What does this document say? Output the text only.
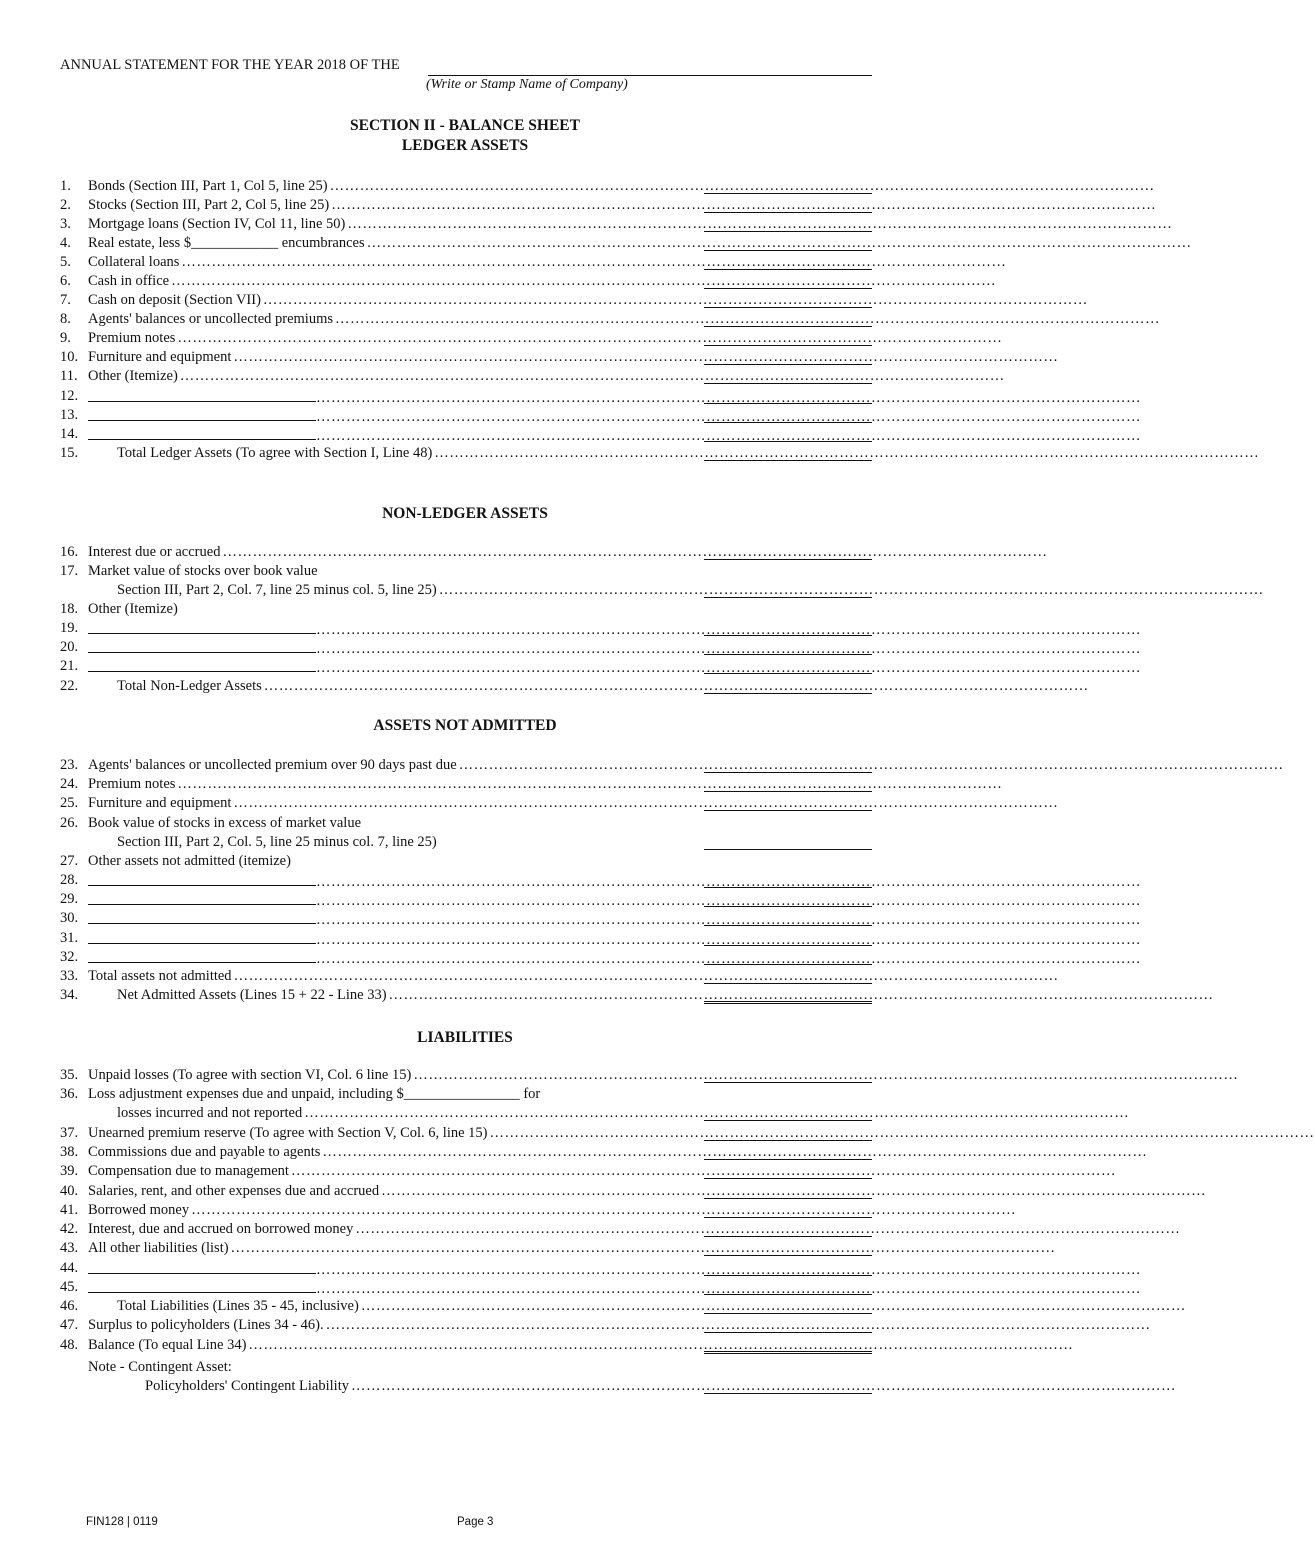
ANNUAL STATEMENT FOR THE YEAR 2018 OF THE
(Write or Stamp Name of Company)
SECTION II - BALANCE SHEET
LEDGER ASSETS
NON-LEDGER ASSETS
ASSETS NOT ADMITTED
LIABILITIES
1.	Bonds (Section III, Part 1, Col 5, line 25) …………………………………………………………………………………………………………………………………………………
2.	Stocks (Section III, Part 2, Col 5, line 25) …………………………………………………………………………………………………………………………………………………
3.	Mortgage loans (Section IV, Col 11, line 50) …………………………………………………………………………………………………………………………………………………
4.	Real estate, less $____________ encumbrances …………………………………………………………………………………………………………………………………………………
5.	Collateral loans …………………………………………………………………………………………………………………………………………………
6.	Cash in office …………………………………………………………………………………………………………………………………………………
7.	Cash on deposit (Section VII) …………………………………………………………………………………………………………………………………………………
8.	Agents' balances or uncollected premiums …………………………………………………………………………………………………………………………………………………
9.	Premium notes …………………………………………………………………………………………………………………………………………………
10. Furniture and equipment …………………………………………………………………………………………………………………………………………………
11. Other (Itemize) …………………………………………………………………………………………………………………………………………………
12.	…………………………………………………………………………………………………………………………………………………
13.	…………………………………………………………………………………………………………………………………………………
14.	…………………………………………………………………………………………………………………………………………………
15.	Total Ledger Assets (To agree with Section I, Line 48) …………………………………………………………………………………………………………………………………………………
16. Interest due or accrued …………………………………………………………………………………………………………………………………………………
17. Market value of stocks over book value
Section III, Part 2, Col. 7, line 25 minus col. 5, line 25) …………………………………………………………………………………………………………………………………………………
18. Other (Itemize)
19.	…………………………………………………………………………………………………………………………………………………
20.	…………………………………………………………………………………………………………………………………………………
21.	…………………………………………………………………………………………………………………………………………………
22.	Total Non-Ledger Assets …………………………………………………………………………………………………………………………………………………
23. Agents' balances or uncollected premium over 90 days past due …………………………………………………………………………………………………………………………………………………
24. Premium notes …………………………………………………………………………………………………………………………………………………
25. Furniture and equipment …………………………………………………………………………………………………………………………………………………
26. Book value of stocks in excess of market value
Section III, Part 2, Col. 5, line 25 minus col. 7, line 25)
27. Other assets not admitted (itemize)
28.	…………………………………………………………………………………………………………………………………………………
29.	…………………………………………………………………………………………………………………………………………………
30.	…………………………………………………………………………………………………………………………………………………
31.	…………………………………………………………………………………………………………………………………………………
32.	…………………………………………………………………………………………………………………………………………………
33. Total assets not admitted …………………………………………………………………………………………………………………………………………………
34.	Net Admitted Assets (Lines 15 + 22 - Line 33) …………………………………………………………………………………………………………………………………………………
35. Unpaid losses (To agree with section VI, Col. 6 line 15) …………………………………………………………………………………………………………………………………………………
36. Loss adjustment expenses due and unpaid, including $________________ for
losses incurred and not reported …………………………………………………………………………………………………………………………………………………
37. Unearned premium reserve (To agree with Section V, Col. 6, line 15) …………………………………………………………………………………………………………………………………………………
38. Commissions due and payable to agents …………………………………………………………………………………………………………………………………………………
39. Compensation due to management …………………………………………………………………………………………………………………………………………………
40. Salaries, rent, and other expenses due and accrued …………………………………………………………………………………………………………………………………………………
41. Borrowed money …………………………………………………………………………………………………………………………………………………
42. Interest, due and accrued on borrowed money …………………………………………………………………………………………………………………………………………………
43. All other liabilities (list) …………………………………………………………………………………………………………………………………………………
44.	…………………………………………………………………………………………………………………………………………………
45.	…………………………………………………………………………………………………………………………………………………
46.	Total Liabilities (Lines 35 - 45, inclusive) …………………………………………………………………………………………………………………………………………………
47. Surplus to policyholders (Lines 34 - 46). …………………………………………………………………………………………………………………………………………………
48. Balance (To equal Line 34) …………………………………………………………………………………………………………………………………………………
Note - Contingent Asset:
Policyholders' Contingent Liability …………………………………………………………………………………………………………………………………………………
FIN128 | 0119	Page 3
